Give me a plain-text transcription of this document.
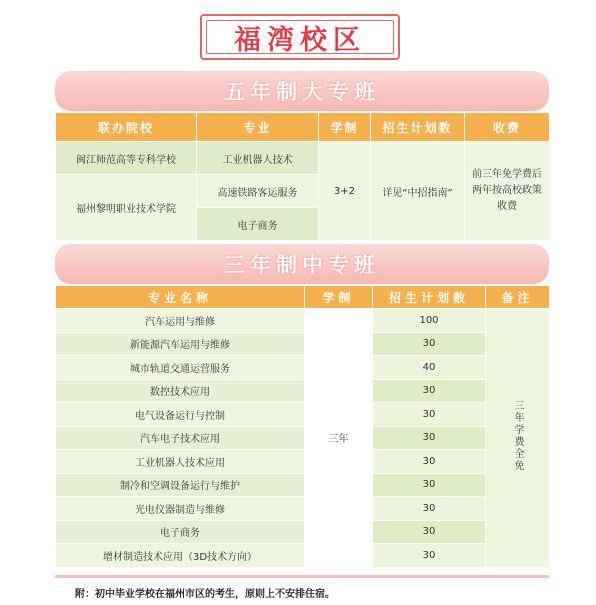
福湾校区
五年制大专班
联办院校	专业	学制	招生计划数	收费
闽江师范高等专科学校	工业机器人技术	3+2	详见“中招指南”	前三年免学费后两年按高校政策收费
福州黎明职业技术学院	高速铁路客运服务			
	电子商务			
三年制中专班
专业名称	学制	招生计划数	备注
汽车运用与维修	三年	100	三年学费全免
新能源汽车运用与维修		30	
城市轨道交通运营服务		40	
数控技术应用		30	
电气设备运行与控制		30	
汽车电子技术应用		30	
工业机器人技术应用		30	
制冷和空调设备运行与维护		30	
光电仪器制造与维修		30	
电子商务		30	
增材制造技术应用（3D技术方向）		30	
附：初中毕业学校在福州市区的考生，原则上不安排住宿。
